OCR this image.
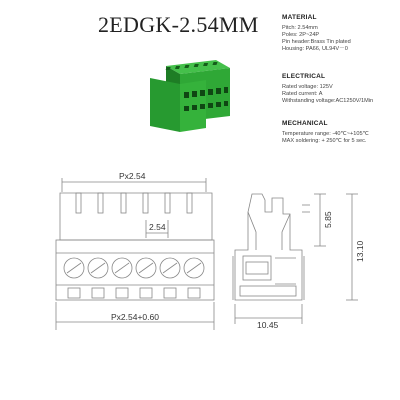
2EDGK-2.54MM	MATERIAL
Pitch: 2.54mm
Poles: 2P~24P
Pin header:Brass Tin plated
Housing: PA66, UL94V－0
ELECTRICAL
Rated voltage: 125V
Rated current: A
Withstanding voltage:AC1250V/1Min
MECHANICAL
Temperature range: -40℃~+105℃
MAX soldering: + 250℃ for 5 sec.
Px2.54
2.54
Px2.54+0.60
5.85
13.10
10.45
